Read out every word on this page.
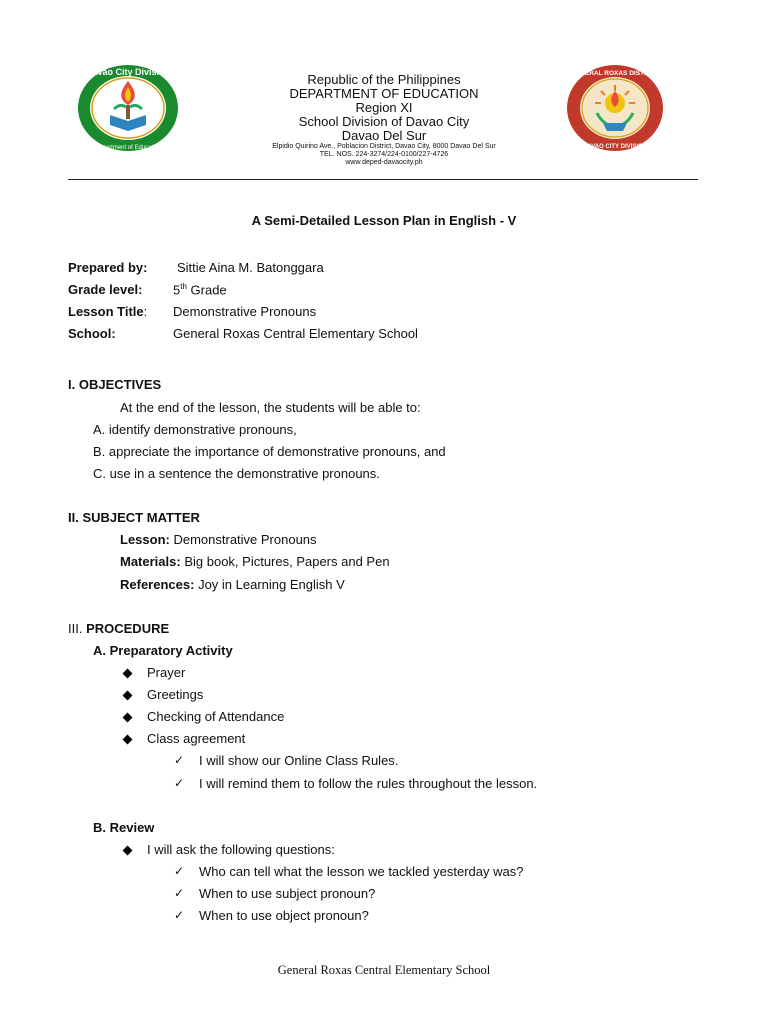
Davao City Division
Department of Education
GENERAL ROXAS DISTRICT
DAVAO CITY DIVISION
Republic of the Philippines
DEPARTMENT OF EDUCATION
Region XI
School Division of Davao City
Davao Del Sur
Elpidio Quirino Ave., Poblacion District, Davao City, 8000 Davao Del Sur
TEL. NOS. 224-3274/224-0100/227-4726
www.deped-davaocity.ph
A Semi-Detailed Lesson Plan in English - V
Prepared by: Sittie Aina M. Batonggara
Grade level: 5th Grade
Lesson Title: Demonstrative Pronouns
School:	General Roxas Central Elementary School
I. OBJECTIVES
At the end of the lesson, the students will be able to:
A. identify demonstrative pronouns,
B. appreciate the importance of demonstrative pronouns, and
C. use in a sentence the demonstrative pronouns.
II. SUBJECT MATTER
Lesson: Demonstrative Pronouns
Materials: Big book, Pictures, Papers and Pen
References: Joy in Learning English V
III. PROCEDURE
A. Preparatory Activity
Prayer
Greetings
Checking of Attendance
Class agreement
✓ I will show our Online Class Rules.
✓ I will remind them to follow the rules throughout the lesson.
B. Review
I will ask the following questions:
✓ Who can tell what the lesson we tackled yesterday was?
✓ When to use subject pronoun?
✓ When to use object pronoun?
General Roxas Central Elementary School
